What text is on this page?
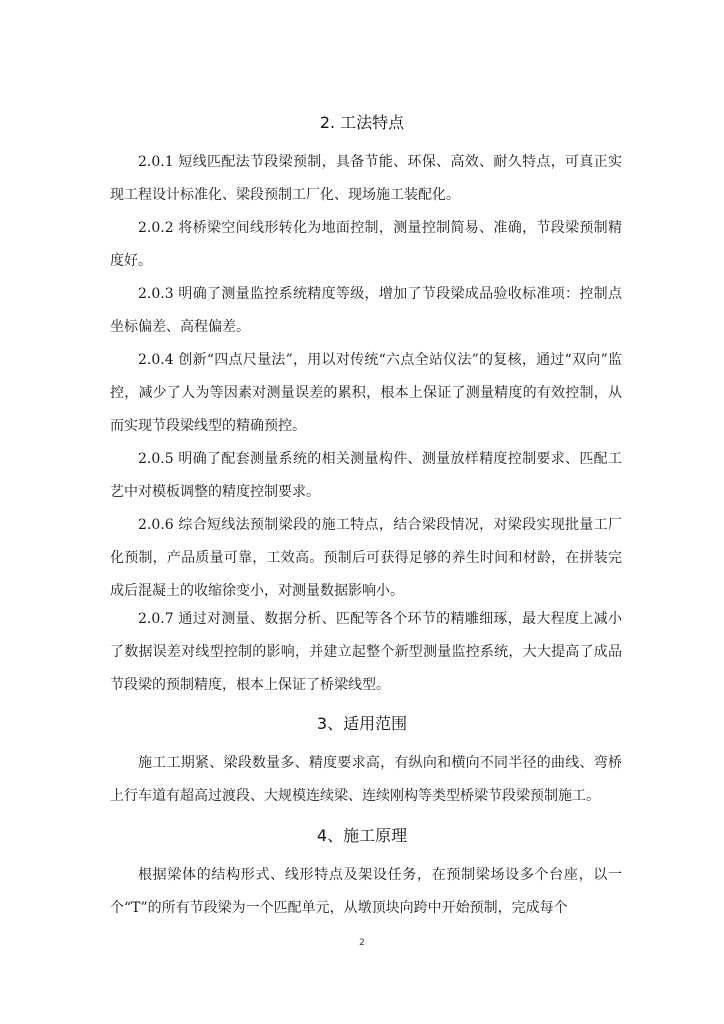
2. 工法特点

2.0.1 短线匹配法节段梁预制，具备节能、环保、高效、耐久特点，可真正实现工程设计标准化、梁段预制工厂化、现场施工装配化。

2.0.2 将桥梁空间线形转化为地面控制，测量控制简易、准确，节段梁预制精度好。

2.0.3 明确了测量监控系统精度等级，增加了节段梁成品验收标准项：控制点坐标偏差、高程偏差。

2.0.4 创新“四点尺量法”，用以对传统“六点全站仪法”的复核，通过“双向”监控，减少了人为等因素对测量误差的累积，根本上保证了测量精度的有效控制，从而实现节段梁线型的精确预控。

2.0.5 明确了配套测量系统的相关测量构件、测量放样精度控制要求、匹配工艺中对模板调整的精度控制要求。

2.0.6 综合短线法预制梁段的施工特点，结合梁段情况，对梁段实现批量工厂化预制，产品质量可靠，工效高。预制后可获得足够的养生时间和材龄，在拼装完成后混凝土的收缩徐变小，对测量数据影响小。

2.0.7 通过对测量、数据分析、匹配等各个环节的精雕细琢，最大程度上减小了数据误差对线型控制的影响，并建立起整个新型测量监控系统，大大提高了成品节段梁的预制精度，根本上保证了桥梁线型。

3、适用范围

施工工期紧、梁段数量多、精度要求高，有纵向和横向不同半径的曲线、弯桥上行车道有超高过渡段、大规模连续梁、连续刚构等类型桥梁节段梁预制施工。

4、施工原理

根据梁体的结构形式、线形特点及架设任务，在预制梁场设多个台座，以一个“T”的所有节段梁为一个匹配单元，从墩顶块向跨中开始预制，完成每个

2
